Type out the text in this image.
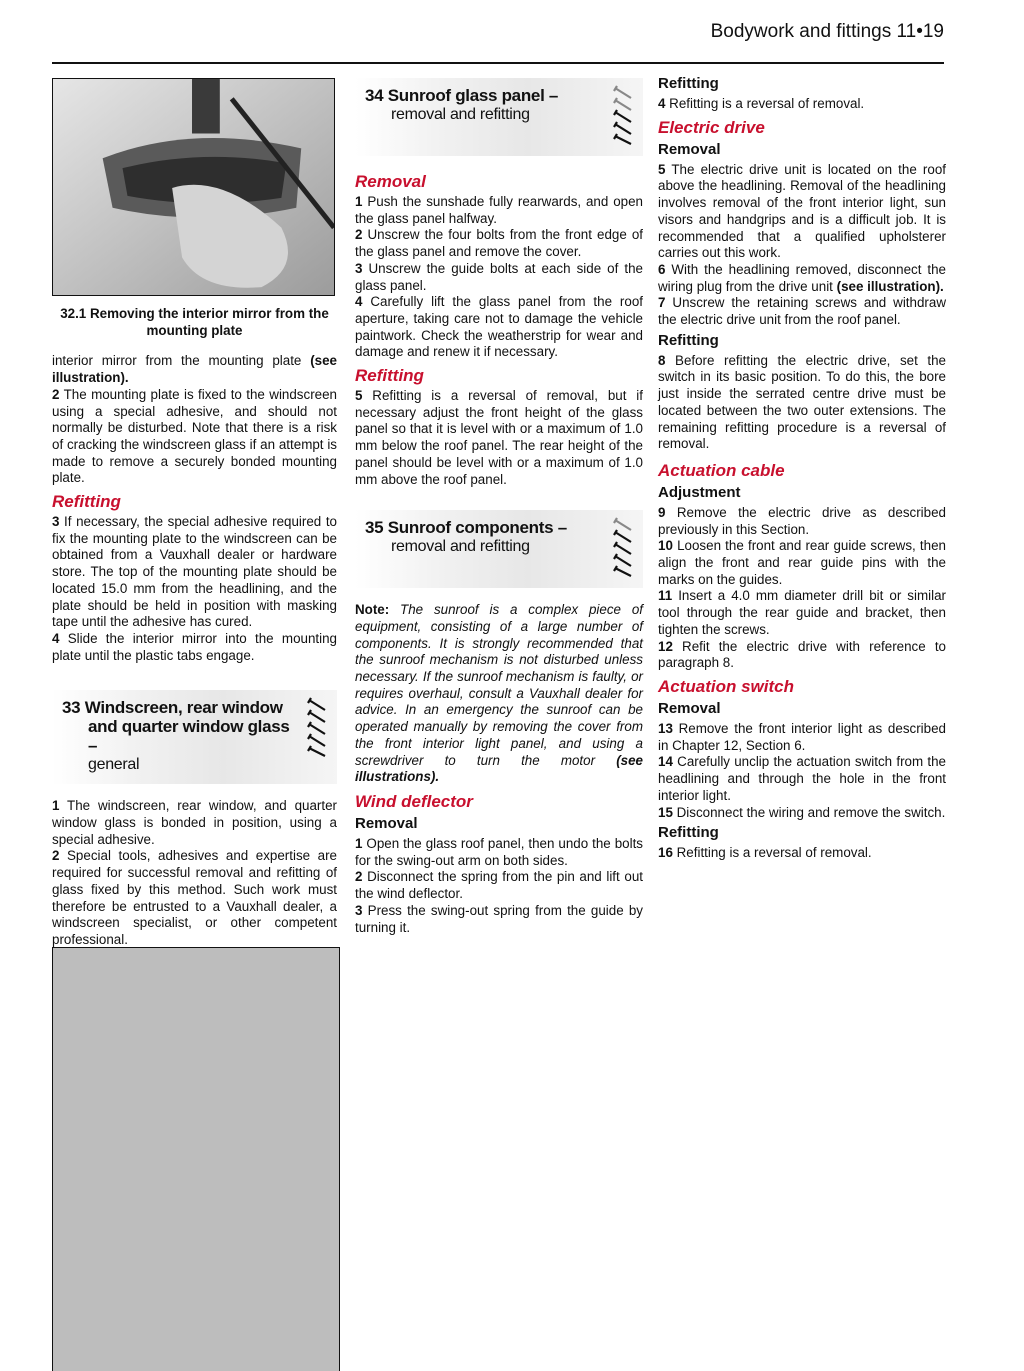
Bodywork and fittings 11•19
32.1 Removing the interior mirror from the mounting plate

interior mirror from the mounting plate (see illustration).

2 The mounting plate is fixed to the windscreen using a special adhesive, and should not normally be disturbed. Note that there is a risk of cracking the windscreen glass if an attempt is made to remove a securely bonded mounting plate.

Refitting

3 If necessary, the special adhesive required to fix the mounting plate to the windscreen can be obtained from a Vauxhall dealer or hardware store. The top of the mounting plate should be located 15.0 mm from the headlining, and the plate should be held in position with masking tape until the adhesive has cured.

4 Slide the interior mirror into the mounting plate until the plastic tabs engage.

33 Windscreen, rear window
and quarter window glass –
general

1 The windscreen, rear window, and quarter window glass is bonded in position, using a special adhesive.

2 Special tools, adhesives and expertise are required for successful removal and refitting of glass fixed by this method. Such work must therefore be entrusted to a Vauxhall dealer, a windscreen specialist, or other competent professional.

34 Sunroof glass panel –
removal and refitting
Removal

1 Push the sunshade fully rearwards, and open the glass panel halfway.

2 Unscrew the four bolts from the front edge of the glass panel and remove the cover.

3 Unscrew the guide bolts at each side of the glass panel.

4 Carefully lift the glass panel from the roof aperture, taking care not to damage the vehicle paintwork. Check the weatherstrip for wear and damage and renew it if necessary.

Refitting

5 Refitting is a reversal of removal, but if necessary adjust the front height of the glass panel so that it is level with or a maximum of 1.0 mm below the roof panel. The rear height of the panel should be level with or a maximum of 1.0 mm above the roof panel.

35 Sunroof components –
removal and refitting

Note: The sunroof is a complex piece of equipment, consisting of a large number of components. It is strongly recommended that the sunroof mechanism is not disturbed unless necessary. If the sunroof mechanism is faulty, or requires overhaul, consult a Vauxhall dealer for advice. In an emergency the sunroof can be operated manually by removing the cover from the front interior light panel, and using a screwdriver to turn the motor (see illustrations).

Wind deflector
Removal

1 Open the glass roof panel, then undo the bolts for the swing-out arm on both sides.

2 Disconnect the spring from the pin and lift out the wind deflector.

3 Press the swing-out spring from the guide by turning it.

Refitting

4 Refitting is a reversal of removal.

Electric drive
Removal

5 The electric drive unit is located on the roof above the headlining. Removal of the headlining involves removal of the front interior light, sun visors and handgrips and is a difficult job. It is recommended that a qualified upholsterer carries out this work.

6 With the headlining removed, disconnect the wiring plug from the drive unit (see illustration).

7 Unscrew the retaining screws and withdraw the electric drive unit from the roof panel.

Refitting

8 Before refitting the electric drive, set the switch in its basic position. To do this, the bore just inside the serrated centre drive must be located between the two outer extensions. The remaining refitting procedure is a reversal of removal.

Actuation cable
Adjustment

9 Remove the electric drive as described previously in this Section.

10 Loosen the front and rear guide screws, then align the front and rear guide pins with the marks on the guides.

11 Insert a 4.0 mm diameter drill bit or similar tool through the rear guide and bracket, then tighten the screws.

12 Refit the electric drive with reference to paragraph 8.

Actuation switch
Removal

13 Remove the front interior light as described in Chapter 12, Section 6.

14 Carefully unclip the actuation switch from the headlining and through the hole in the front interior light.

15 Disconnect the wiring and remove the switch.

Refitting

16 Refitting is a reversal of removal.
